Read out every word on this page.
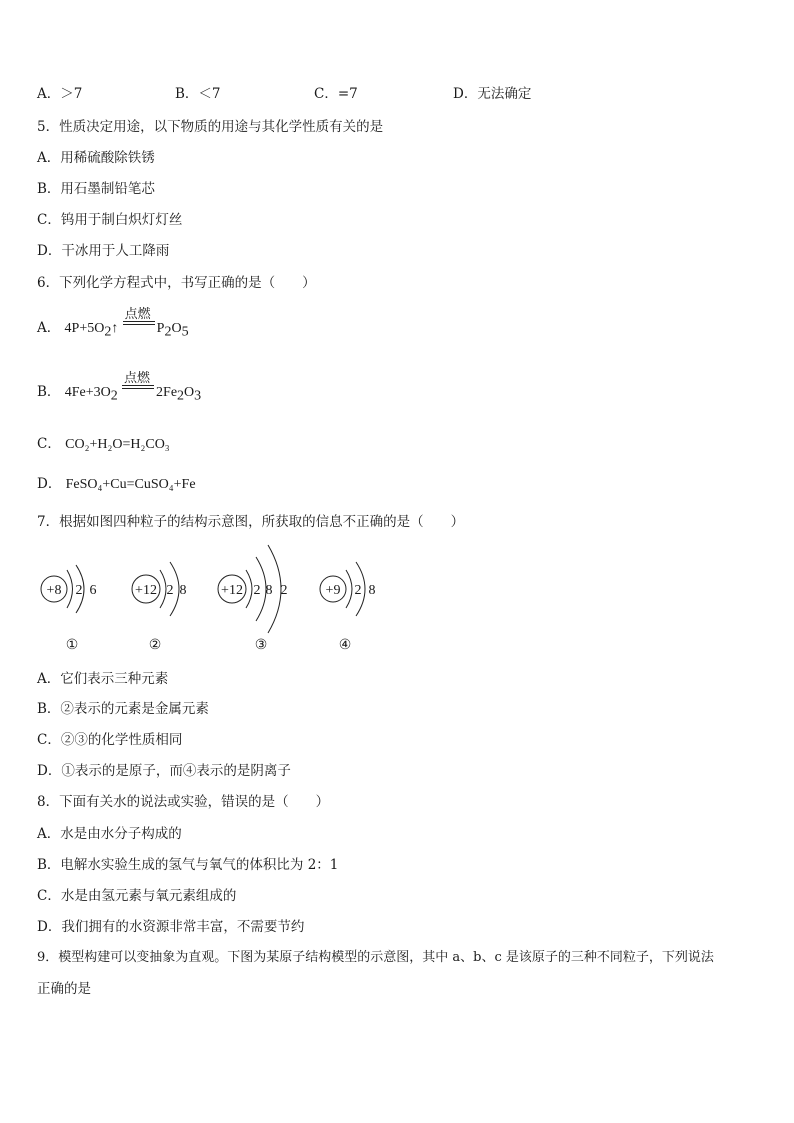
A．＞7	B．＜7	C．=7	D．无法确定
5．性质决定用途，以下物质的用途与其化学性质有关的是
A．用稀硫酸除铁锈
B．用石墨制铅笔芯
C．钨用于制白炽灯灯丝
D．干冰用于人工降雨
6．下列化学方程式中，书写正确的是（　　）
A． $4P+5O_2↑$
点燃
$P_2O_5$
B． $4Fe+3O_2$
点燃
$2Fe_2O_3$
C． CO₂+H₂O=H₂CO₃
D． FeSO₄+Cu=CuSO₄+Fe
7．根据如图四种粒子的结构示意图，所获取的信息不正确的是（　　）
+8 2 6	+12 2 8 +12 2 8 2	+9 2 8
①	②	③	④
A．它们表示三种元素
B．②表示的元素是金属元素
C．②③的化学性质相同
D．①表示的是原子，而④表示的是阴离子
8．下面有关水的说法或实验，错误的是（　　）
A．水是由水分子构成的
B．电解水实验生成的氢气与氧气的体积比为 2：1
C．水是由氢元素与氧元素组成的
D．我们拥有的水资源非常丰富，不需要节约
9．模型构建可以变抽象为直观。下图为某原子结构模型的示意图，其中 a、b、c 是该原子的三种不同粒子，下列说法
正确的是
